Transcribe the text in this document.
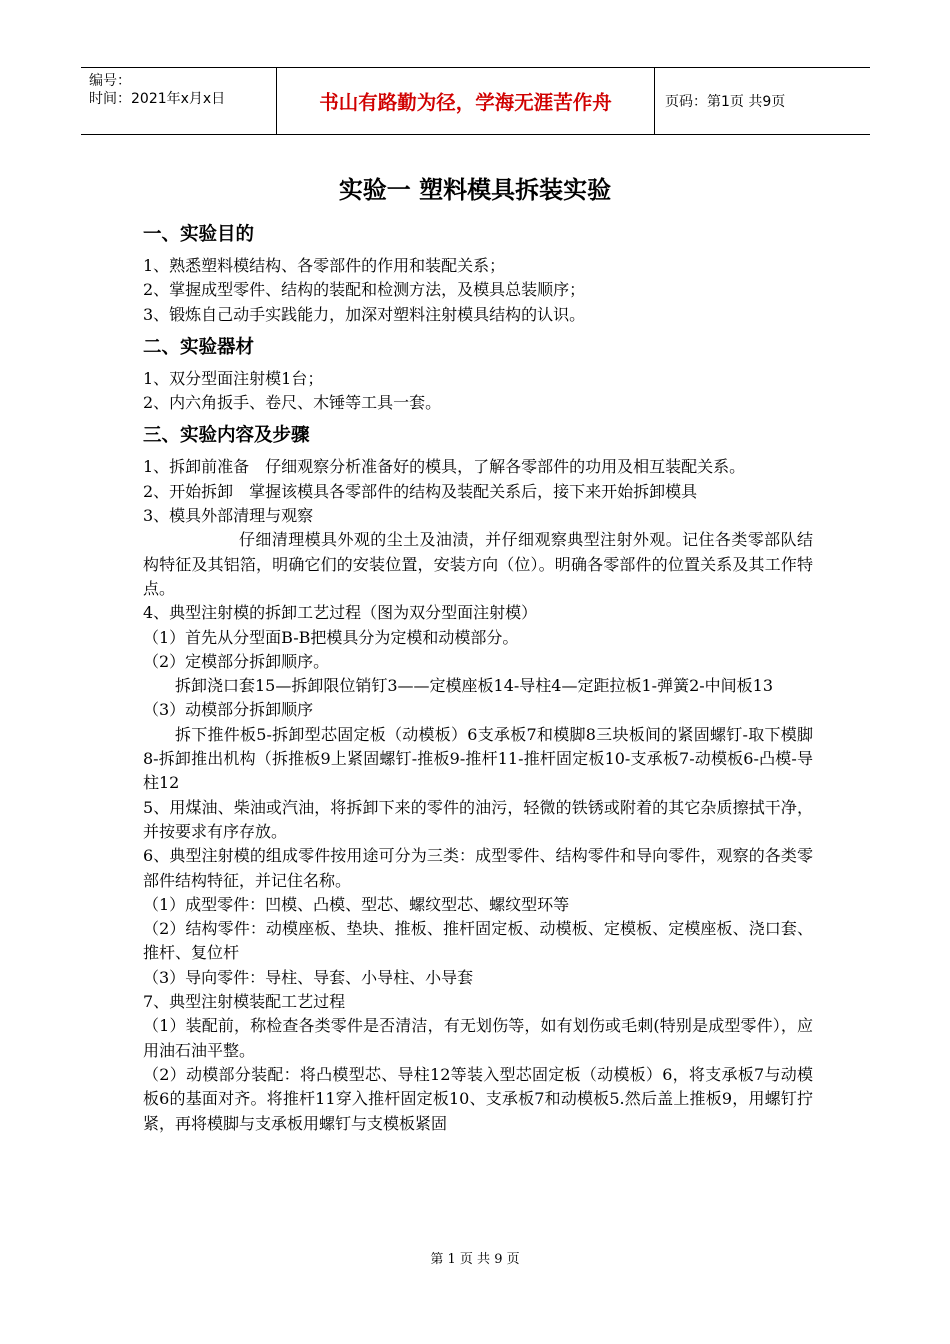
编号：
时间：2021年x月x日	书山有路勤为径，学海无涯苦作舟	页码：第1页 共9页
实验一 塑料模具拆装实验
一、实验目的

1、熟悉塑料模结构、各零部件的作用和装配关系；

2、掌握成型零件、结构的装配和检测方法，及模具总装顺序；

3、锻炼自己动手实践能力，加深对塑料注射模具结构的认识。

二、实验器材

1、双分型面注射模1台；

2、内六角扳手、卷尺、木锤等工具一套。

三、实验内容及步骤

1、拆卸前准备　仔细观察分析准备好的模具，了解各零部件的功用及相互装配关系。

2、开始拆卸　掌握该模具各零部件的结构及装配关系后，接下来开始拆卸模具

3、模具外部清理与观察

仔细清理模具外观的尘土及油渍，并仔细观察典型注射外观。记住各类零部队结构特征及其铝箔，明确它们的安装位置，安装方向（位）。明确各零部件的位置关系及其工作特点。

4、典型注射模的拆卸工艺过程（图为双分型面注射模）

（1）首先从分型面B-B把模具分为定模和动模部分。

（2）定模部分拆卸顺序。

拆卸浇口套15—拆卸限位销钉3——定模座板14-导柱4—定距拉板1-弹簧2-中间板13

（3）动模部分拆卸顺序

拆下推件板5-拆卸型芯固定板（动模板）6支承板7和模脚8三块板间的紧固螺钉-取下模脚8-拆卸推出机构（拆推板9上紧固螺钉-推板9-推杆11-推杆固定板10-支承板7-动模板6-凸模-导柱12

5、用煤油、柴油或汽油，将拆卸下来的零件的油污，轻微的铁锈或附着的其它杂质擦拭干净，并按要求有序存放。

6、典型注射模的组成零件按用途可分为三类：成型零件、结构零件和导向零件，观察的各类零部件结构特征，并记住名称。

（1）成型零件：凹模、凸模、型芯、螺纹型芯、螺纹型环等

（2）结构零件：动模座板、垫块、推板、推杆固定板、动模板、定模板、定模座板、浇口套、推杆、复位杆

（3）导向零件：导柱、导套、小导柱、小导套

7、典型注射模装配工艺过程

（1）装配前，称检查各类零件是否清洁，有无划伤等，如有划伤或毛刺(特别是成型零件），应用油石油平整。

（2）动模部分装配：将凸模型芯、导柱12等装入型芯固定板（动模板）6，将支承板7与动模板6的基面对齐。将推杆11穿入推杆固定板10、支承板7和动模板5.然后盖上推板9，用螺钉拧紧，再将模脚与支承板用螺钉与支模板紧固

第 1 页 共 9 页
